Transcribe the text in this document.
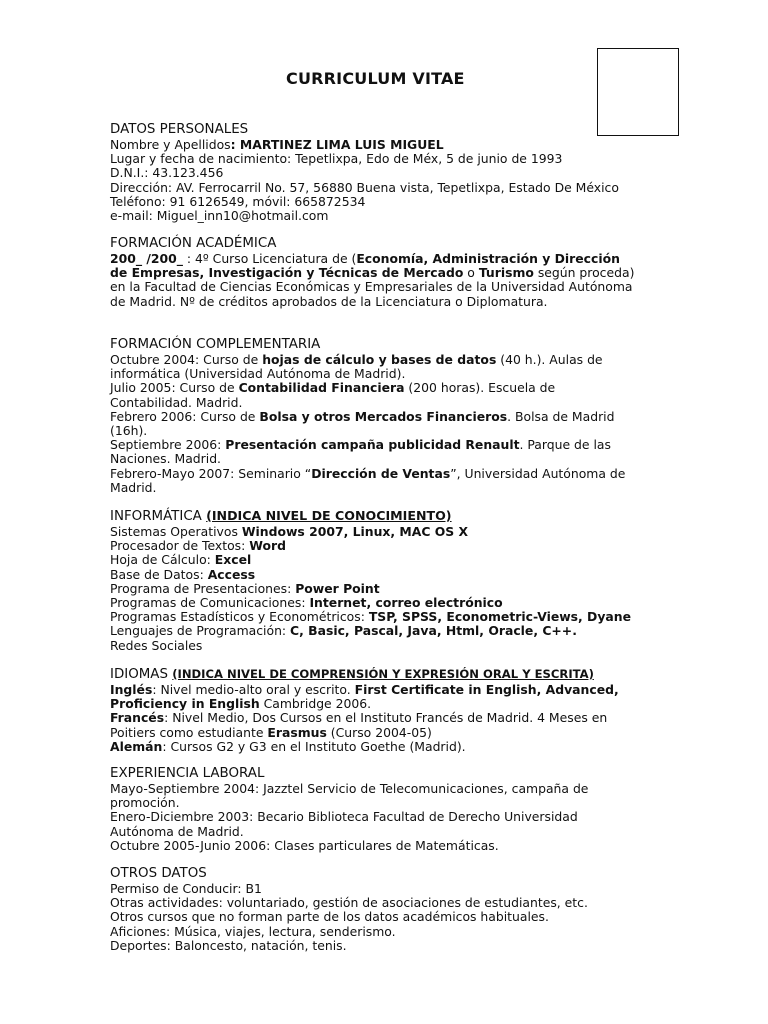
CURRICULUM VITAE
DATOS PERSONALES
Nombre y Apellidos: MARTINEZ LIMA LUIS MIGUEL
Lugar y fecha de nacimiento: Tepetlixpa, Edo de Méx, 5 de junio de 1993
D.N.I.: 43.123.456
Dirección: AV. Ferrocarril No. 57, 56880 Buena vista, Tepetlixpa, Estado De México
Teléfono: 91 6126549, móvil: 665872534
e-mail: Miguel_inn10@hotmail.com
FORMACIÓN ACADÉMICA
200_ /200_ : 4º Curso Licenciatura de (Economía, Administración y Dirección
de Empresas, Investigación y Técnicas de Mercado o Turismo según proceda)
en la Facultad de Ciencias Económicas y Empresariales de la Universidad Autónoma
de Madrid. Nº de créditos aprobados de la Licenciatura o Diplomatura.
FORMACIÓN COMPLEMENTARIA
Octubre 2004: Curso de hojas de cálculo y bases de datos (40 h.). Aulas de
informática (Universidad Autónoma de Madrid).
Julio 2005: Curso de Contabilidad Financiera (200 horas). Escuela de
Contabilidad. Madrid.
Febrero 2006: Curso de Bolsa y otros Mercados Financieros. Bolsa de Madrid
(16h).
Septiembre 2006: Presentación campaña publicidad Renault. Parque de las
Naciones. Madrid.
Febrero-Mayo 2007: Seminario “Dirección de Ventas”, Universidad Autónoma de
Madrid.
INFORMÁTICA (INDICA NIVEL DE CONOCIMIENTO)
Sistemas Operativos Windows 2007, Linux, MAC OS X
Procesador de Textos: Word
Hoja de Cálculo: Excel
Base de Datos: Access
Programa de Presentaciones: Power Point
Programas de Comunicaciones: Internet, correo electrónico
Programas Estadísticos y Econométricos: TSP, SPSS, Econometric-Views, Dyane
Lenguajes de Programación: C, Basic, Pascal, Java, Html, Oracle, C++.
Redes Sociales
IDIOMAS (INDICA NIVEL DE COMPRENSIÓN Y EXPRESIÓN ORAL Y ESCRITA)
Inglés: Nivel medio-alto oral y escrito. First Certificate in English, Advanced,
Proficiency in English Cambridge 2006.
Francés: Nivel Medio, Dos Cursos en el Instituto Francés de Madrid. 4 Meses en
Poitiers como estudiante Erasmus (Curso 2004-05)
Alemán: Cursos G2 y G3 en el Instituto Goethe (Madrid).
EXPERIENCIA LABORAL
Mayo-Septiembre 2004: Jazztel Servicio de Telecomunicaciones, campaña de
promoción.
Enero-Diciembre 2003: Becario Biblioteca Facultad de Derecho Universidad
Autónoma de Madrid.
Octubre 2005-Junio 2006: Clases particulares de Matemáticas.
OTROS DATOS
Permiso de Conducir: B1
Otras actividades: voluntariado, gestión de asociaciones de estudiantes, etc.
Otros cursos que no forman parte de los datos académicos habituales.
Aficiones: Música, viajes, lectura, senderismo.
Deportes: Baloncesto, natación, tenis.
